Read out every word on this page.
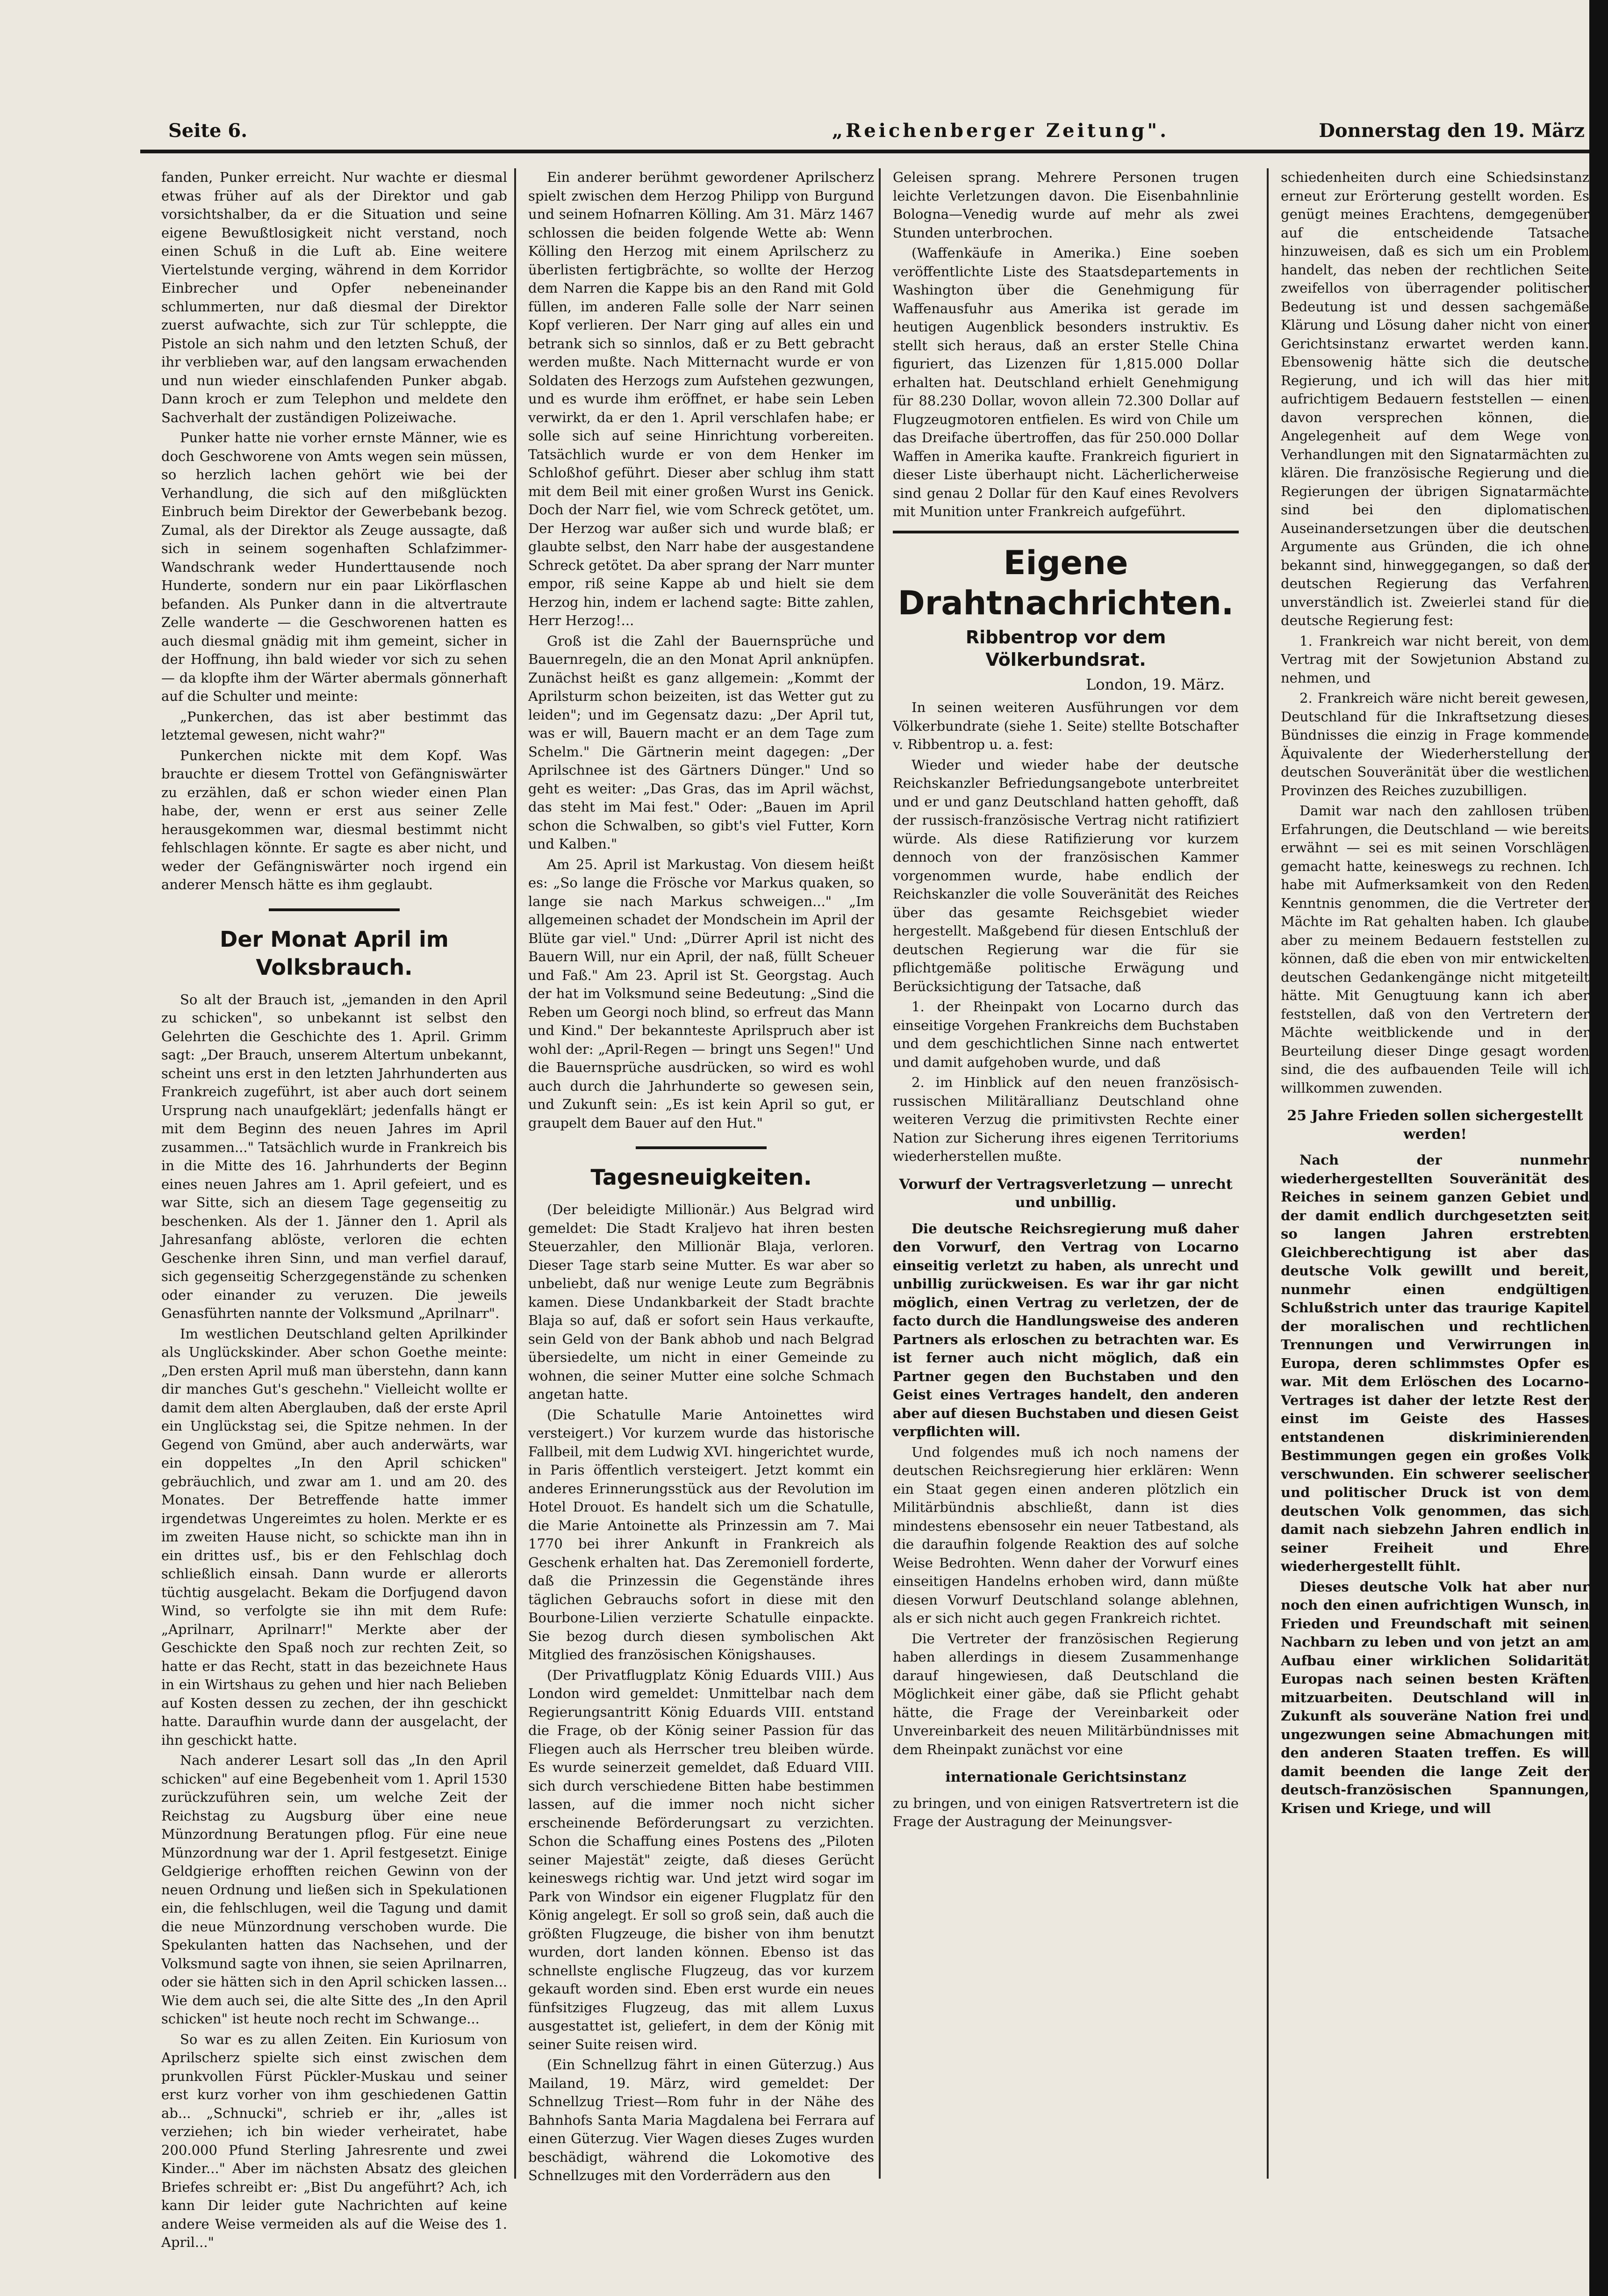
Seite 6.	„Reichenberger Zeitung".	Donnerstag den 19. März

fanden, Punker erreicht. Nur wachte er diesmal etwas früher auf als der Direktor und gab vorsichtshalber, da er die Situation und seine eigene Bewußtlosigkeit nicht verstand, noch einen Schuß in die Luft ab. Eine weitere Viertelstunde verging, während in dem Korridor Einbrecher und Opfer nebeneinander schlummerten, nur daß diesmal der Direktor zuerst aufwachte, sich zur Tür schleppte, die Pistole an sich nahm und den letzten Schuß, der ihr verblieben war, auf den langsam erwachenden und nun wieder einschlafenden Punker abgab. Dann kroch er zum Telephon und meldete den Sachverhalt der zuständigen Polizeiwache.

Punker hatte nie vorher ernste Männer, wie es doch Geschworene von Amts wegen sein müssen, so herzlich lachen gehört wie bei der Verhandlung, die sich auf den mißglückten Einbruch beim Direktor der Gewerbebank bezog. Zumal, als der Direktor als Zeuge aussagte, daß sich in seinem sogenhaften Schlafzimmer-Wandschrank weder Hunderttausende noch Hunderte, sondern nur ein paar Likörflaschen befanden. Als Punker dann in die altvertraute Zelle wanderte — die Geschworenen hatten es auch diesmal gnädig mit ihm gemeint, sicher in der Hoffnung, ihn bald wieder vor sich zu sehen — da klopfte ihm der Wärter abermals gönnerhaft auf die Schulter und meinte:

„Punkerchen, das ist aber bestimmt das letztemal gewesen, nicht wahr?"

Punkerchen nickte mit dem Kopf. Was brauchte er diesem Trottel von Gefängniswärter zu erzählen, daß er schon wieder einen Plan habe, der, wenn er erst aus seiner Zelle herausgekommen war, diesmal bestimmt nicht fehlschlagen könnte. Er sagte es aber nicht, und weder der Gefängniswärter noch irgend ein anderer Mensch hätte es ihm geglaubt.

Der Monat April im Volksbrauch.

So alt der Brauch ist, „jemanden in den April zu schicken", so unbekannt ist selbst den Gelehrten die Geschichte des 1. April. Grimm sagt: „Der Brauch, unserem Altertum unbekannt, scheint uns erst in den letzten Jahrhunderten aus Frankreich zugeführt, ist aber auch dort seinem Ursprung nach unaufgeklärt; jedenfalls hängt er mit dem Beginn des neuen Jahres im April zusammen..." Tatsächlich wurde in Frankreich bis in die Mitte des 16. Jahrhunderts der Beginn eines neuen Jahres am 1. April gefeiert, und es war Sitte, sich an diesem Tage gegenseitig zu beschenken. Als der 1. Jänner den 1. April als Jahresanfang ablöste, verloren die echten Geschenke ihren Sinn, und man verfiel darauf, sich gegenseitig Scherzgegenstände zu schenken oder einander zu veruzen. Die jeweils Genasführten nannte der Volksmund „Aprilnarr".

Im westlichen Deutschland gelten Aprilkinder als Unglückskinder. Aber schon Goethe meinte: „Den ersten April muß man überstehn, dann kann dir manches Gut's geschehn." Vielleicht wollte er damit dem alten Aberglauben, daß der erste April ein Unglückstag sei, die Spitze nehmen. In der Gegend von Gmünd, aber auch anderwärts, war ein doppeltes „In den April schicken" gebräuchlich, und zwar am 1. und am 20. des Monates. Der Betreffende hatte immer irgendetwas Ungereimtes zu holen. Merkte er es im zweiten Hause nicht, so schickte man ihn in ein drittes usf., bis er den Fehlschlag doch schließlich einsah. Dann wurde er allerorts tüchtig ausgelacht. Bekam die Dorfjugend davon Wind, so verfolgte sie ihn mit dem Rufe: „Aprilnarr, Aprilnarr!" Merkte aber der Geschickte den Spaß noch zur rechten Zeit, so hatte er das Recht, statt in das bezeichnete Haus in ein Wirtshaus zu gehen und hier nach Belieben auf Kosten dessen zu zechen, der ihn geschickt hatte. Daraufhin wurde dann der ausgelacht, der ihn geschickt hatte.

Nach anderer Lesart soll das „In den April schicken" auf eine Begebenheit vom 1. April 1530 zurückzuführen sein, um welche Zeit der Reichstag zu Augsburg über eine neue Münzordnung Beratungen pflog. Für eine neue Münzordnung war der 1. April festgesetzt. Einige Geldgierige erhofften reichen Gewinn von der neuen Ordnung und ließen sich in Spekulationen ein, die fehlschlugen, weil die Tagung und damit die neue Münzordnung verschoben wurde. Die Spekulanten hatten das Nachsehen, und der Volksmund sagte von ihnen, sie seien Aprilnarren, oder sie hätten sich in den April schicken lassen... Wie dem auch sei, die alte Sitte des „In den April schicken" ist heute noch recht im Schwange...

So war es zu allen Zeiten. Ein Kuriosum von Aprilscherz spielte sich einst zwischen dem prunkvollen Fürst Pückler-Muskau und seiner erst kurz vorher von ihm geschiedenen Gattin ab... „Schnucki", schrieb er ihr, „alles ist verziehen; ich bin wieder verheiratet, habe 200.000 Pfund Sterling Jahresrente und zwei Kinder..." Aber im nächsten Absatz des gleichen Briefes schreibt er: „Bist Du angeführt? Ach, ich kann Dir leider gute Nachrichten auf keine andere Weise vermeiden als auf die Weise des 1. April..."

Ein anderer berühmt gewordener Aprilscherz spielt zwischen dem Herzog Philipp von Burgund und seinem Hofnarren Kölling. Am 31. März 1467 schlossen die beiden folgende Wette ab: Wenn Kölling den Herzog mit einem Aprilscherz zu überlisten fertigbrächte, so wollte der Herzog dem Narren die Kappe bis an den Rand mit Gold füllen, im anderen Falle solle der Narr seinen Kopf verlieren. Der Narr ging auf alles ein und betrank sich so sinnlos, daß er zu Bett gebracht werden mußte. Nach Mitternacht wurde er von Soldaten des Herzogs zum Aufstehen gezwungen, und es wurde ihm eröffnet, er habe sein Leben verwirkt, da er den 1. April verschlafen habe; er solle sich auf seine Hinrichtung vorbereiten. Tatsächlich wurde er von dem Henker im Schloßhof geführt. Dieser aber schlug ihm statt mit dem Beil mit einer großen Wurst ins Genick. Doch der Narr fiel, wie vom Schreck getötet, um. Der Herzog war außer sich und wurde blaß; er glaubte selbst, den Narr habe der ausgestandene Schreck getötet. Da aber sprang der Narr munter empor, riß seine Kappe ab und hielt sie dem Herzog hin, indem er lachend sagte: Bitte zahlen, Herr Herzog!...

Groß ist die Zahl der Bauernsprüche und Bauernregeln, die an den Monat April anknüpfen. Zunächst heißt es ganz allgemein: „Kommt der Aprilsturm schon beizeiten, ist das Wetter gut zu leiden"; und im Gegensatz dazu: „Der April tut, was er will, Bauern macht er an dem Tage zum Schelm." Die Gärtnerin meint dagegen: „Der Aprilschnee ist des Gärtners Dünger." Und so geht es weiter: „Das Gras, das im April wächst, das steht im Mai fest." Oder: „Bauen im April schon die Schwalben, so gibt's viel Futter, Korn und Kalben."

Am 25. April ist Markustag. Von diesem heißt es: „So lange die Frösche vor Markus quaken, so lange sie nach Markus schweigen..." „Im allgemeinen schadet der Mondschein im April der Blüte gar viel." Und: „Dürrer April ist nicht des Bauern Will, nur ein April, der naß, füllt Scheuer und Faß." Am 23. April ist St. Georgstag. Auch der hat im Volksmund seine Bedeutung: „Sind die Reben um Georgi noch blind, so erfreut das Mann und Kind." Der bekannteste Aprilspruch aber ist wohl der: „April-Regen — bringt uns Segen!" Und die Bauernsprüche ausdrücken, so wird es wohl auch durch die Jahrhunderte so gewesen sein, und Zukunft sein: „Es ist kein April so gut, er graupelt dem Bauer auf den Hut."

Tagesneuigkeiten.

(Der beleidigte Millionär.) Aus Belgrad wird gemeldet: Die Stadt Kraljevo hat ihren besten Steuerzahler, den Millionär Blaja, verloren. Dieser Tage starb seine Mutter. Es war aber so unbeliebt, daß nur wenige Leute zum Begräbnis kamen. Diese Undankbarkeit der Stadt brachte Blaja so auf, daß er sofort sein Haus verkaufte, sein Geld von der Bank abhob und nach Belgrad übersiedelte, um nicht in einer Gemeinde zu wohnen, die seiner Mutter eine solche Schmach angetan hatte.

(Die Schatulle Marie Antoinettes wird versteigert.) Vor kurzem wurde das historische Fallbeil, mit dem Ludwig XVI. hingerichtet wurde, in Paris öffentlich versteigert. Jetzt kommt ein anderes Erinnerungsstück aus der Revolution im Hotel Drouot. Es handelt sich um die Schatulle, die Marie Antoinette als Prinzessin am 7. Mai 1770 bei ihrer Ankunft in Frankreich als Geschenk erhalten hat. Das Zeremoniell forderte, daß die Prinzessin die Gegenstände ihres täglichen Gebrauchs sofort in diese mit den Bourbone-Lilien verzierte Schatulle einpackte. Sie bezog durch diesen symbolischen Akt Mitglied des französischen Königshauses.

(Der Privatflugplatz König Eduards VIII.) Aus London wird gemeldet: Unmittelbar nach dem Regierungsantritt König Eduards VIII. entstand die Frage, ob der König seiner Passion für das Fliegen auch als Herrscher treu bleiben würde. Es wurde seinerzeit gemeldet, daß Eduard VIII. sich durch verschiedene Bitten habe bestimmen lassen, auf die immer noch nicht sicher erscheinende Beförderungsart zu verzichten. Schon die Schaffung eines Postens des „Piloten seiner Majestät" zeigte, daß dieses Gerücht keineswegs richtig war. Und jetzt wird sogar im Park von Windsor ein eigener Flugplatz für den König angelegt. Er soll so groß sein, daß auch die größten Flugzeuge, die bisher von ihm benutzt wurden, dort landen können. Ebenso ist das schnellste englische Flugzeug, das vor kurzem gekauft worden sind. Eben erst wurde ein neues fünfsitziges Flugzeug, das mit allem Luxus ausgestattet ist, geliefert, in dem der König mit seiner Suite reisen wird.

(Ein Schnellzug fährt in einen Güterzug.) Aus Mailand, 19. März, wird gemeldet: Der Schnellzug Triest—Rom fuhr in der Nähe des Bahnhofs Santa Maria Magdalena bei Ferrara auf einen Güterzug. Vier Wagen dieses Zuges wurden beschädigt, während die Lokomotive des Schnellzuges mit den Vorderrädern aus den

Geleisen sprang. Mehrere Personen trugen leichte Verletzungen davon. Die Eisenbahnlinie Bologna—Venedig wurde auf mehr als zwei Stunden unterbrochen.

(Waffenkäufe in Amerika.) Eine soeben veröffentlichte Liste des Staatsdepartements in Washington über die Genehmigung für Waffenausfuhr aus Amerika ist gerade im heutigen Augenblick besonders instruktiv. Es stellt sich heraus, daß an erster Stelle China figuriert, das Lizenzen für 1,815.000 Dollar erhalten hat. Deutschland erhielt Genehmigung für 88.230 Dollar, wovon allein 72.300 Dollar auf Flugzeugmotoren entfielen. Es wird von Chile um das Dreifache übertroffen, das für 250.000 Dollar Waffen in Amerika kaufte. Frankreich figuriert in dieser Liste überhaupt nicht. Lächerlicherweise sind genau 2 Dollar für den Kauf eines Revolvers mit Munition unter Frankreich aufgeführt.

Eigene Drahtnachrichten.
Ribbentrop vor dem Völkerbundsrat.
London, 19. März.

In seinen weiteren Ausführungen vor dem Völkerbundrate (siehe 1. Seite) stellte Botschafter v. Ribbentrop u. a. fest:

Wieder und wieder habe der deutsche Reichskanzler Befriedungsangebote unterbreitet und er und ganz Deutschland hatten gehofft, daß der russisch-französische Vertrag nicht ratifiziert würde. Als diese Ratifizierung vor kurzem dennoch von der französischen Kammer vorgenommen wurde, habe endlich der Reichskanzler die volle Souveränität des Reiches über das gesamte Reichsgebiet wieder hergestellt. Maßgebend für diesen Entschluß der deutschen Regierung war die für sie pflichtgemäße politische Erwägung und Berücksichtigung der Tatsache, daß

1. der Rheinpakt von Locarno durch das einseitige Vorgehen Frankreichs dem Buchstaben und dem geschichtlichen Sinne nach entwertet und damit aufgehoben wurde, und daß

2. im Hinblick auf den neuen französisch-russischen Militärallianz Deutschland ohne weiteren Verzug die primitivsten Rechte einer Nation zur Sicherung ihres eigenen Territoriums wiederherstellen mußte.

Vorwurf der Vertragsverletzung — unrecht und unbillig.

Die deutsche Reichsregierung muß daher den Vorwurf, den Vertrag von Locarno einseitig verletzt zu haben, als unrecht und unbillig zurückweisen. Es war ihr gar nicht möglich, einen Vertrag zu verletzen, der de facto durch die Handlungsweise des anderen Partners als erloschen zu betrachten war. Es ist ferner auch nicht möglich, daß ein Partner gegen den Buchstaben und den Geist eines Vertrages handelt, den anderen aber auf diesen Buchstaben und diesen Geist verpflichten will.

Und folgendes muß ich noch namens der deutschen Reichsregierung hier erklären: Wenn ein Staat gegen einen anderen plötzlich ein Militärbündnis abschließt, dann ist dies mindestens ebensosehr ein neuer Tatbestand, als die daraufhin folgende Reaktion des auf solche Weise Bedrohten. Wenn daher der Vorwurf eines einseitigen Handelns erhoben wird, dann müßte diesen Vorwurf Deutschland solange ablehnen, als er sich nicht auch gegen Frankreich richtet.

Die Vertreter der französischen Regierung haben allerdings in diesem Zusammenhange darauf hingewiesen, daß Deutschland die Möglichkeit einer gäbe, daß sie Pflicht gehabt hätte, die Frage der Vereinbarkeit oder Unvereinbarkeit des neuen Militärbündnisses mit dem Rheinpakt zunächst vor eine

internationale Gerichtsinstanz

zu bringen, und von einigen Ratsvertretern ist die Frage der Austragung der Meinungsver-

schiedenheiten durch eine Schiedsinstanz erneut zur Erörterung gestellt worden. Es genügt meines Erachtens, demgegenüber auf die entscheidende Tatsache hinzuweisen, daß es sich um ein Problem handelt, das neben der rechtlichen Seite zweifellos von überragender politischer Bedeutung ist und dessen sachgemäße Klärung und Lösung daher nicht von einer Gerichtsinstanz erwartet werden kann. Ebensowenig hätte sich die deutsche Regierung, und ich will das hier mit aufrichtigem Bedauern feststellen — einen davon versprechen können, die Angelegenheit auf dem Wege von Verhandlungen mit den Signatarmächten zu klären. Die französische Regierung und die Regierungen der übrigen Signatarmächte sind bei den diplomatischen Auseinandersetzungen über die deutschen Argumente aus Gründen, die ich ohne bekannt sind, hinweggegangen, so daß der deutschen Regierung das Verfahren unverständlich ist. Zweierlei stand für die deutsche Regierung fest:

1. Frankreich war nicht bereit, von dem Vertrag mit der Sowjetunion Abstand zu nehmen, und

2. Frankreich wäre nicht bereit gewesen, Deutschland für die Inkraftsetzung dieses Bündnisses die einzig in Frage kommende Äquivalente der Wiederherstellung der deutschen Souveränität über die westlichen Provinzen des Reiches zuzubilligen.

Damit war nach den zahllosen trüben Erfahrungen, die Deutschland — wie bereits erwähnt — sei es mit seinen Vorschlägen gemacht hatte, keineswegs zu rechnen. Ich habe mit Aufmerksamkeit von den Reden Kenntnis genommen, die die Vertreter der Mächte im Rat gehalten haben. Ich glaube aber zu meinem Bedauern feststellen zu können, daß die eben von mir entwickelten deutschen Gedankengänge nicht mitgeteilt hätte. Mit Genugtuung kann ich aber feststellen, daß von den Vertretern der Mächte weitblickende und in der Beurteilung dieser Dinge gesagt worden sind, die des aufbauenden Teile will ich willkommen zuwenden.

25 Jahre Frieden sollen sichergestellt werden!

Nach der nunmehr wiederhergestellten Souveränität des Reiches in seinem ganzen Gebiet und der damit endlich durchgesetzten seit so langen Jahren erstrebten Gleichberechtigung ist aber das deutsche Volk gewillt und bereit, nunmehr einen endgültigen Schlußstrich unter das traurige Kapitel der moralischen und rechtlichen Trennungen und Verwirrungen in Europa, deren schlimmstes Opfer es war. Mit dem Erlöschen des Locarno-Vertrages ist daher der letzte Rest der einst im Geiste des Hasses entstandenen diskriminierenden Bestimmungen gegen ein großes Volk verschwunden. Ein schwerer seelischer und politischer Druck ist von dem deutschen Volk genommen, das sich damit nach siebzehn Jahren endlich in seiner Freiheit und Ehre wiederhergestellt fühlt.

Dieses deutsche Volk hat aber nur noch den einen aufrichtigen Wunsch, in Frieden und Freundschaft mit seinen Nachbarn zu leben und von jetzt an am Aufbau einer wirklichen Solidarität Europas nach seinen besten Kräften mitzuarbeiten. Deutschland will in Zukunft als souveräne Nation frei und ungezwungen seine Abmachungen mit den anderen Staaten treffen. Es will damit beenden die lange Zeit der deutsch-französischen Spannungen, Krisen und Kriege, und will
